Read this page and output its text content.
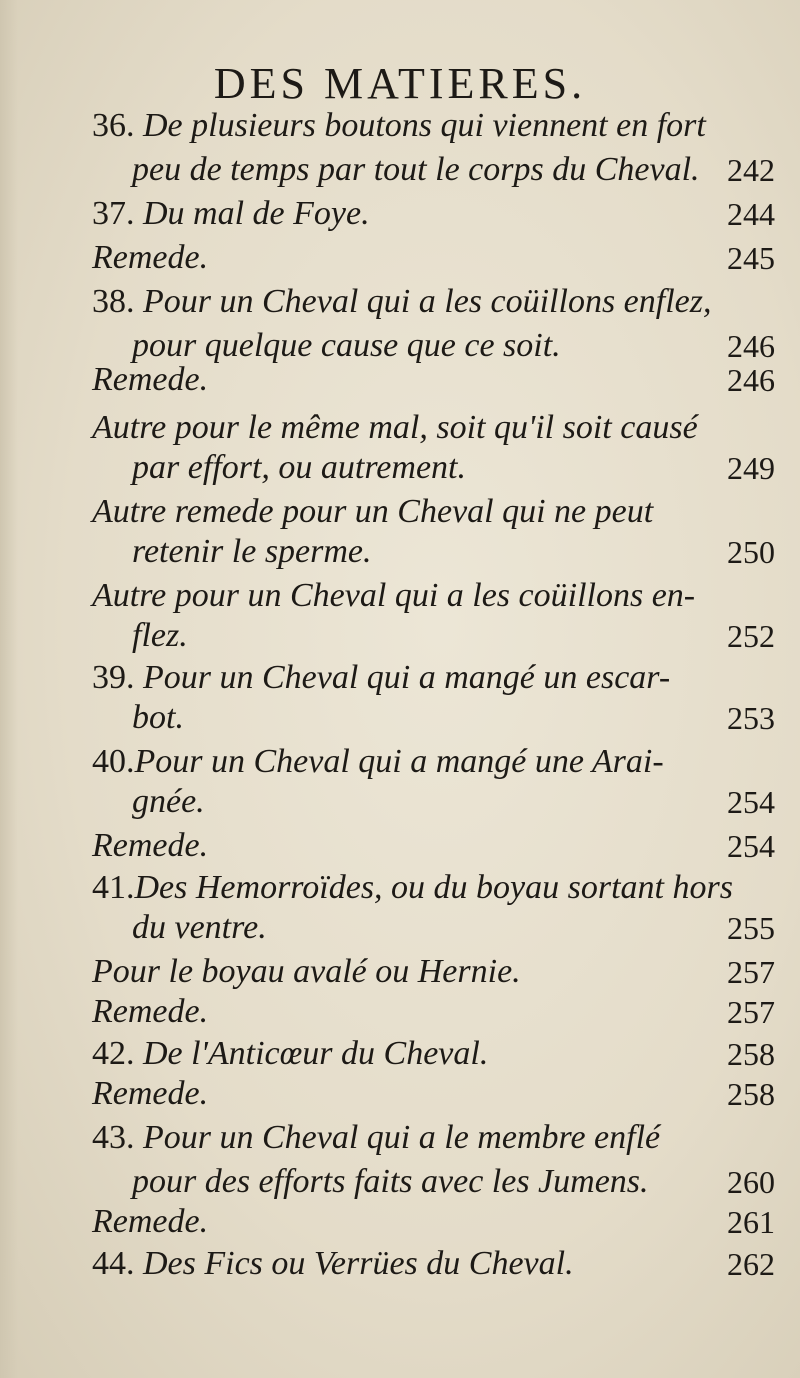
DES MATIERES.
36. De plusieurs boutons qui viennent en fort
peu de temps par tout le corps du Cheval. 242
37. Du mal de Foye.	244
Remede.	245
38. Pour un Cheval qui a les coüillons enflez,
pour quelque cause que ce soit.	246
Remede.	246
Autre pour le même mal, soit qu'il soit causé
par effort, ou autrement.	249
Autre remede pour un Cheval qui ne peut
retenir le sperme.	250
Autre pour un Cheval qui a les coüillons en-
flez.	252
39. Pour un Cheval qui a mangé un escar-
bot.	253
40.Pour un Cheval qui a mangé une Arai-
gnée.	254
Remede.	254
41.Des Hemorroïdes, ou du boyau sortant hors
du ventre.	255
Pour le boyau avalé ou Hernie.	257
Remede.	257
42. De l'Anticœur du Cheval.	258
Remede.	258
43. Pour un Cheval qui a le membre enflé
pour des efforts faits avec les Jumens. 260
Remede.	261
44. Des Fics ou Verrües du Cheval.	262
